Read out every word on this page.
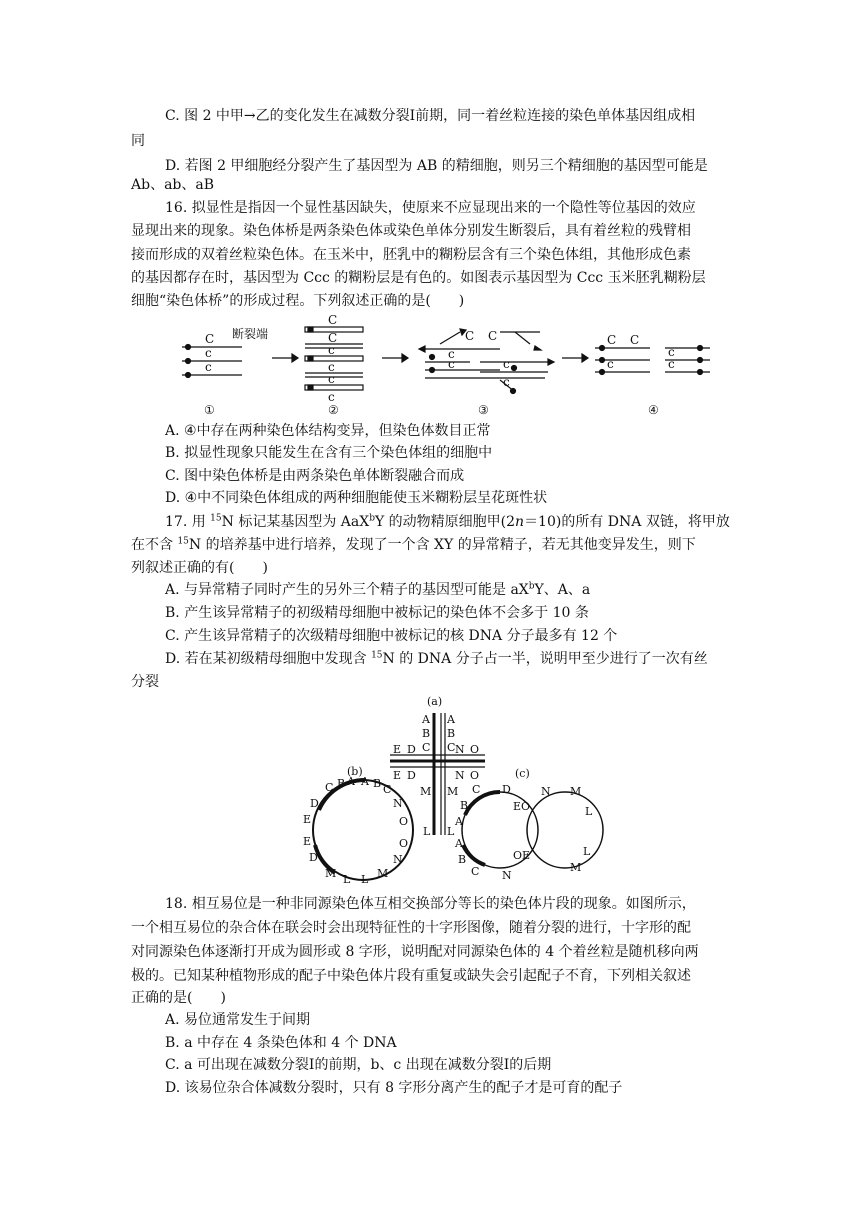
C. 图 2 中甲→乙的变化发生在减数分裂Ⅰ前期，同一着丝粒连接的染色单体基因组成相
同
D. 若图 2 甲细胞经分裂产生了基因型为 AB 的精细胞，则另三个精细胞的基因型可能是
Ab、ab、aB
16. 拟显性是指因一个显性基因缺失，使原来不应显现出来的一个隐性等位基因的效应
显现出来的现象。染色体桥是两条染色体或染色单体分别发生断裂后，具有着丝粒的残臂相
接而形成的双着丝粒染色体。在玉米中，胚乳中的糊粉层含有三个染色体组，其他形成色素
的基因都存在时，基因型为 Ccc 的糊粉层是有色的。如图表示基因型为 Ccc 玉米胚乳糊粉层
细胞“染色体桥”的形成过程。下列叙述正确的是(　　)
C
c
c
断裂端
C
C
c
c
c
c
C C
c
c	c
c
C C
c
c
c
①	②	③	④
A. ④中存在两种染色体结构变异，但染色体数目正常
B. 拟显性现象只能发生在含有三个染色体组的细胞中
C. 图中染色体桥是由两条染色单体断裂融合而成
D. ④中不同染色体组成的两种细胞能使玉米糊粉层呈花斑性状
17. 用 $^{15}$N 标记某基因型为 AaX$^b$Y 的动物精原细胞甲(2n＝10)的所有 DNA 双链，将甲放
在不含 $^{15}$N 的培养基中进行培养，发现了一个含 XY 的异常精子，若无其他变异发生，则下
列叙述正确的有(　　)
A. 与异常精子同时产生的另外三个精子的基因型可能是 $aX^bY$、A、a
B. 产生该异常精子的初级精母细胞中被标记的染色体不会多于 10 条
C. 产生该异常精子的次级精母细胞中被标记的核 DNA 分子最多有 12 个
D. 若在某初级精母细胞中发现含 $^{15}$N 的 DNA 分子占一半，说明甲至少进行了一次有丝
分裂
(a)
(b)	(c)
A A
B B
C C
E D	N O
E D	N O
M M
L L
C B A A B C
D	N
E	O
E	O
D	N
M	M
L L
C D
B	EO
A
A
B	OE
C N
N M
L
L
M
18. 相互易位是一种非同源染色体互相交换部分等长的染色体片段的现象。如图所示，
一个相互易位的杂合体在联会时会出现特征性的十字形图像，随着分裂的进行，十字形的配
对同源染色体逐渐打开成为圆形或 8 字形，说明配对同源染色体的 4 个着丝粒是随机移向两
极的。已知某种植物形成的配子中染色体片段有重复或缺失会引起配子不育，下列相关叙述
正确的是(　　)
A. 易位通常发生于间期
B. a 中存在 4 条染色体和 4 个 DNA
C. a 可出现在减数分裂Ⅰ的前期，b、c 出现在减数分裂Ⅰ的后期
D. 该易位杂合体减数分裂时，只有 8 字形分离产生的配子才是可育的配子
